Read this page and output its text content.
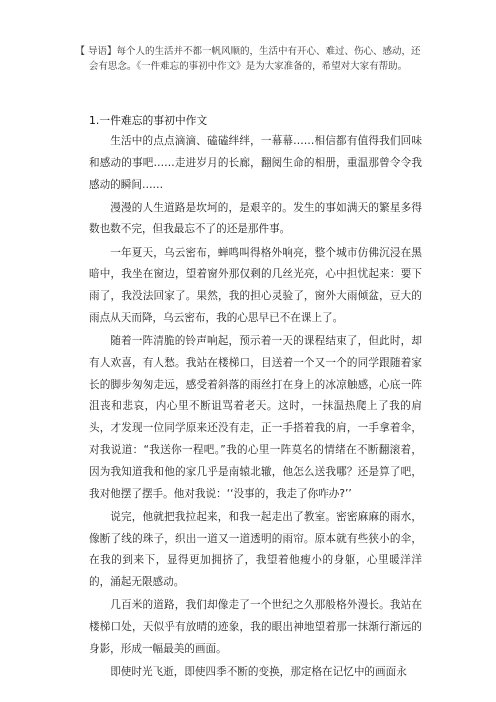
【 导语】每个人的生活并不都一帆风顺的，生活中有开心、难过、伤心、感动，还会有思念。《一件难忘的事初中作文》是为大家准备的，希望对大家有帮助。
1.一件难忘的事初中作文

生活中的点点滴滴、磕磕绊绊，一幕幕……相信都有值得我们回味和感动的事吧……走进岁月的长廊，翻阅生命的相册，重温那曾令令我感动的瞬间……

漫漫的人生道路是坎坷的，是艰辛的。发生的事如满天的繁星多得数也数不完，但我最忘不了的还是那件事。

一年夏天，乌云密布，蝉鸣叫得格外响亮，整个城市仿佛沉浸在黑暗中，我坐在窗边，望着窗外那仅剩的几丝光亮，心中担忧起来：要下雨了，我没法回家了。果然，我的担心灵验了，窗外大雨倾盆，豆大的雨点从天而降，乌云密布，我的心思早已不在课上了。

随着一阵清脆的铃声响起，预示着一天的课程结束了，但此时，却有人欢喜，有人愁。我站在楼梯口，目送着一个又一个的同学跟随着家长的脚步匆匆走远，感受着斜落的雨丝打在身上的冰凉触感，心底一阵沮丧和悲哀，内心里不断诅骂着老天。这时，一抹温热爬上了我的肩头，才发现一位同学原来还没有走，正一手搭着我的肩，一手拿着伞，对我说道：“我送你一程吧。”我的心里一阵莫名的情绪在不断翻滚着，因为我知道我和他的家几乎是南辕北辙，他怎么送我哪？还是算了吧，我对他摆了摆手。他对我说：‘‘没事的，我走了你咋办?’’

说完，他就把我拉起来，和我一起走出了教室。密密麻麻的雨水，像断了线的珠子，织出一道又一道透明的雨帘。原本就有些狭小的伞，在我的到来下，显得更加拥挤了，我望着他瘦小的身躯，心里暖洋洋的，涌起无限感动。

几百米的道路，我们却像走了一个世纪之久那般格外漫长。我站在楼梯口处，天似乎有放晴的迹象，我的眼出神地望着那一抹渐行渐远的身影，形成一幅最美的画面。

即使时光飞逝，即使四季不断的变换，那定格在记忆中的画面永
